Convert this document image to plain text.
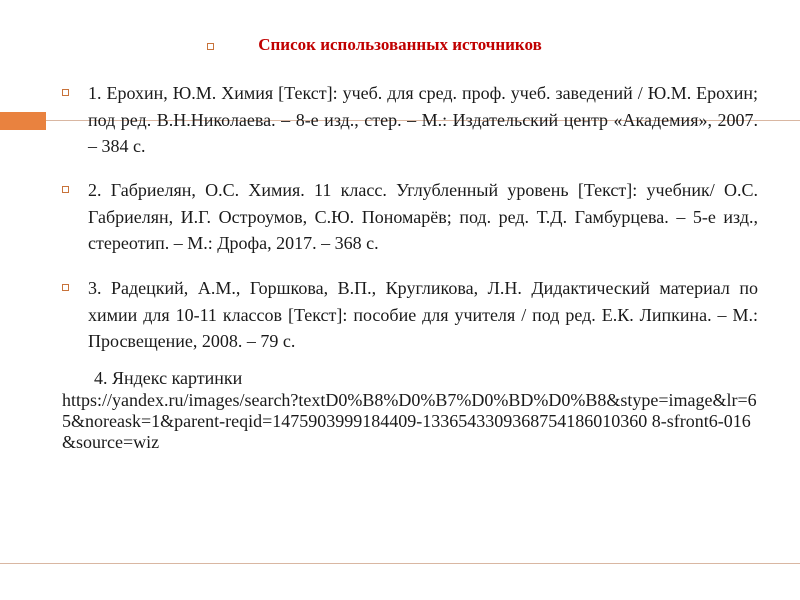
Список использованных источников
1. Ерохин, Ю.М. Химия [Текст]: учеб. для сред. проф. учеб. заведений / Ю.М. Ерохин; под ред. В.Н.Николаева. – 8-е изд., стер. – М.: Издательский центр «Академия», 2007. – 384 с.
2. Габриелян, О.С. Химия. 11 класс. Углубленный уровень [Текст]: учебник/ О.С. Габриелян, И.Г. Остроумов, С.Ю. Пономарёв; под. ред. Т.Д. Гамбурцева. – 5-е изд., стереотип. – М.: Дрофа, 2017. – 368 с.
3. Радецкий, А.М., Горшкова, В.П., Кругликова, Л.Н. Дидактический материал по химии для 10-11 классов [Текст]: пособие для учителя / под ред. Е.К. Липкина. – М.: Просвещение, 2008. – 79 с.
4. Яндекс картинки
https://yandex.ru/images/search?textD0%B8%D0%B7%D0%BD%D0%B8&stype=image&lr=65&noreask=1&parent-reqid=1475903999184409-1336543309368754186010360 8-sfront6-016&source=wiz
